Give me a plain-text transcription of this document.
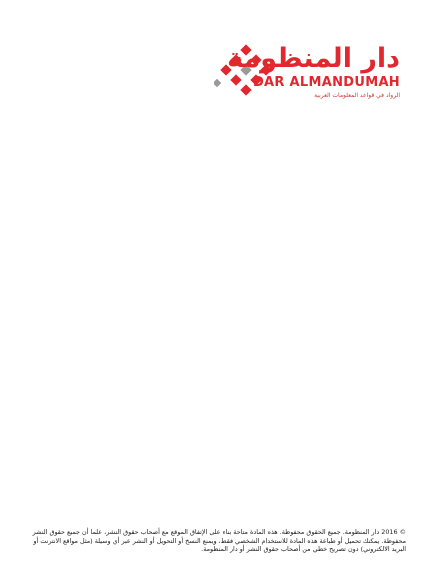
دار المنظومة
DAR ALMANDUMAH
الرواد في قواعد المعلومات العربية
© 2016 دار المنظومة. جميع الحقوق محفوظة. هذه المادة متاحة بناء على الإتفاق الموقع مع أصحاب حقوق النشر، علما أن جميع حقوق النشر محفوظة. يمكنك تحميل أو طباعة هذه المادة للاستخدام الشخصي فقط، ويمنع النسخ أو التحويل أو النشر عبر أي وسيلة (مثل مواقع الانترنت أو البريد الالكتروني) دون تصريح خطي من أصحاب حقوق النشر أو دار المنظومة.
